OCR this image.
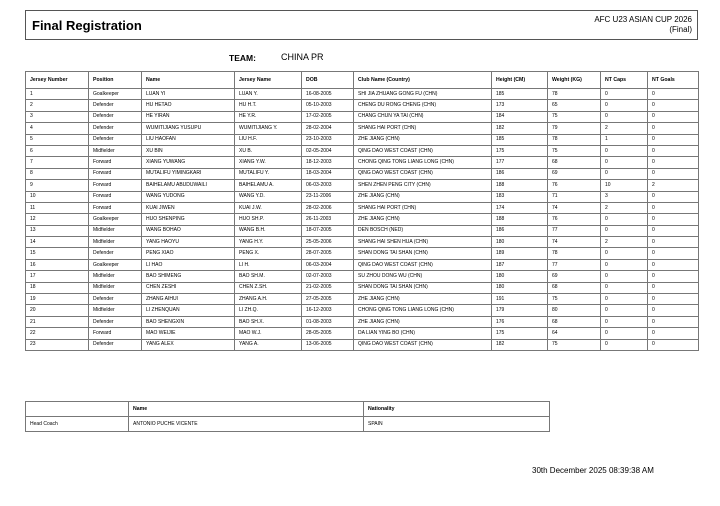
Final Registration	AFC U23 ASIAN CUP 2026
(Final)
TEAM:	CHINA PR
Jersey Number	Position	Name	Jersey Name	DOB	Club Name (Country)	Height (CM)	Weight (KG)	NT Caps	NT Goals
1	Goalkeeper	LUAN YI	LUAN Y.	16-08-2005	SHI JIA ZHUANG GONG FU (CHN)	185	78	0	0
2	Defender	HU HETAO	HU H.T.	05-10-2003	CHENG DU RONG CHENG (CHN)	173	65	0	0
3	Defender	HE YIRAN	HE Y.R.	17-02-2005	CHANG CHUN YA TAI (CHN)	184	75	0	0
4	Defender	WUMITIJIANG YUSUPU	WUMITIJIANG Y.	28-02-2004	SHANG HAI PORT (CHN)	182	79	2	0
5	Defender	LIU HAOFAN	LIU H.F.	23-10-2003	ZHE JIANG (CHN)	185	78	1	0
6	Midfielder	XU BIN	XU B.	02-05-2004	QING DAO WEST COAST (CHN)	175	75	0	0
7	Forward	XIANG YUWANG	XIANG Y.W.	18-12-2003	CHONG QING TONG LIANG LONG (CHN)	177	68	0	0
8	Forward	MUTALIFU YIMINGKARI	MUTALIFU Y.	18-03-2004	QING DAO WEST COAST (CHN)	186	69	0	0
9	Forward	BAIHELAMU ABUDUWAILI	BAIHELAMU A.	06-03-2003	SHEN ZHEN PENG CITY (CHN)	188	76	10	2
10	Forward	WANG YUDONG	WANG Y.D.	23-11-2006	ZHE JIANG (CHN)	183	71	3	0
11	Forward	KUAI JIWEN	KUAI J.W.	28-02-2006	SHANG HAI PORT (CHN)	174	74	2	0
12	Goalkeeper	HUO SHENPING	HUO SH.P.	26-11-2003	ZHE JIANG (CHN)	188	76	0	0
13	Midfielder	WANG BOHAO	WANG B.H.	18-07-2005	DEN BOSCH (NED)	186	77	0	0
14	Midfielder	YANG HAOYU	YANG H.Y.	25-05-2006	SHANG HAI SHEN HUA (CHN)	180	74	2	0
15	Defender	PENG XIAO	PENG X.	28-07-2005	SHAN DONG TAI SHAN (CHN)	189	78	0	0
16	Goalkeeper	LI HAO	LI H.	06-03-2004	QING DAO WEST COAST (CHN)	187	77	0	0
17	Midfielder	BAO SHIMENG	BAO SH.M.	02-07-2003	SU ZHOU DONG WU (CHN)	180	69	0	0
18	Midfielder	CHEN ZESHI	CHEN Z.SH.	21-02-2005	SHAN DONG TAI SHAN (CHN)	180	68	0	0
19	Defender	ZHANG AIHUI	ZHANG A.H.	27-05-2005	ZHE JIANG (CHN)	191	75	0	0
20	Midfielder	LI ZHENQUAN	LI ZH.Q.	16-12-2003	CHONG QING TONG LIANG LONG (CHN)	179	80	0	0
21	Defender	BAO SHENGXIN	BAO SH.X.	01-08-2003	ZHE JIANG (CHN)	176	68	0	0
22	Forward	MAO WEIJIE	MAO W.J.	28-05-2005	DA LIAN YING BO (CHN)	175	64	0	0
23	Defender	YANG ALEX	YANG A.	13-06-2005	QING DAO WEST COAST (CHN)	182	75	0	0
	Name	Nationality
Head Coach	ANTONIO PUCHE VICENTE	SPAIN
30th December 2025 08:39:38 AM
